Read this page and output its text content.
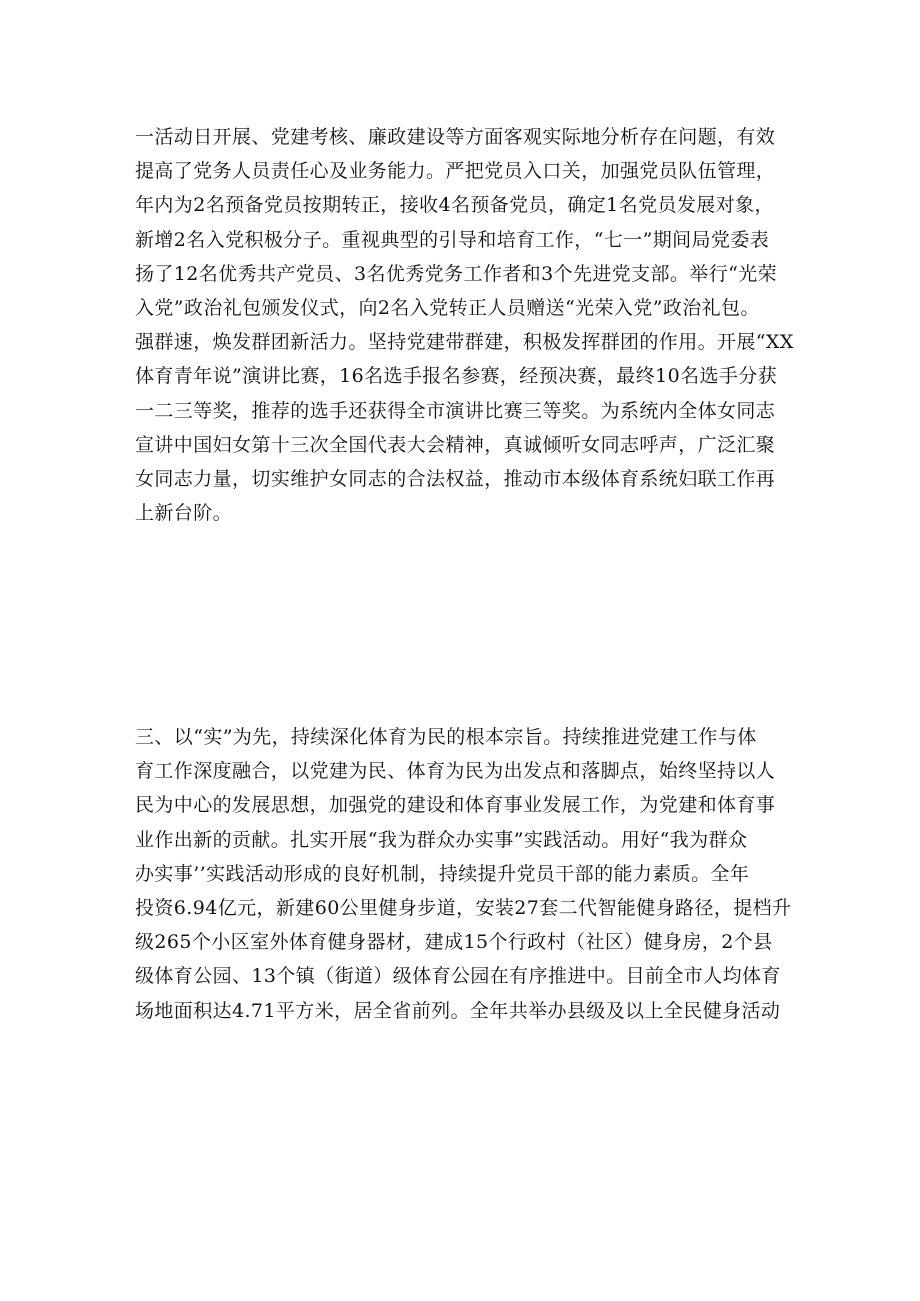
一活动日开展、党建考核、廉政建设等方面客观实际地分析存在问题，有效
提高了党务人员责任心及业务能力。严把党员入口关，加强党员队伍管理，
年内为2名预备党员按期转正，接收4名预备党员，确定1名党员发展对象，
新增2名入党积极分子。重视典型的引导和培育工作，“七一”期间局党委表
扬了12名优秀共产党员、3名优秀党务工作者和3个先进党支部。举行“光荣
入党”政治礼包颁发仪式，向2名入党转正人员赠送“光荣入党”政治礼包。
强群速，焕发群团新活力。坚持党建带群建，积极发挥群团的作用。开展“XX
体育青年说”演讲比赛，16名选手报名参赛，经预决赛，最终10名选手分获
一二三等奖，推荐的选手还获得全市演讲比赛三等奖。为系统内全体女同志
宣讲中国妇女第十三次全国代表大会精神，真诚倾听女同志呼声，广泛汇聚
女同志力量，切实维护女同志的合法权益，推动市本级体育系统妇联工作再
上新台阶。

三、以“实”为先，持续深化体育为民的根本宗旨。持续推进党建工作与体
育工作深度融合，以党建为民、体育为民为出发点和落脚点，始终坚持以人
民为中心的发展思想，加强党的建设和体育事业发展工作，为党建和体育事
业作出新的贡献。扎实开展“我为群众办实事”实践活动。用好“我为群众
办实事’’实践活动形成的良好机制，持续提升党员干部的能力素质。全年
投资6.94亿元，新建60公里健身步道，安装27套二代智能健身路径，提档升
级265个小区室外体育健身器材，建成15个行政村（社区）健身房，2个县
级体育公园、13个镇（街道）级体育公园在有序推进中。目前全市人均体育
场地面积达4.71平方米，居全省前列。全年共举办县级及以上全民健身活动
